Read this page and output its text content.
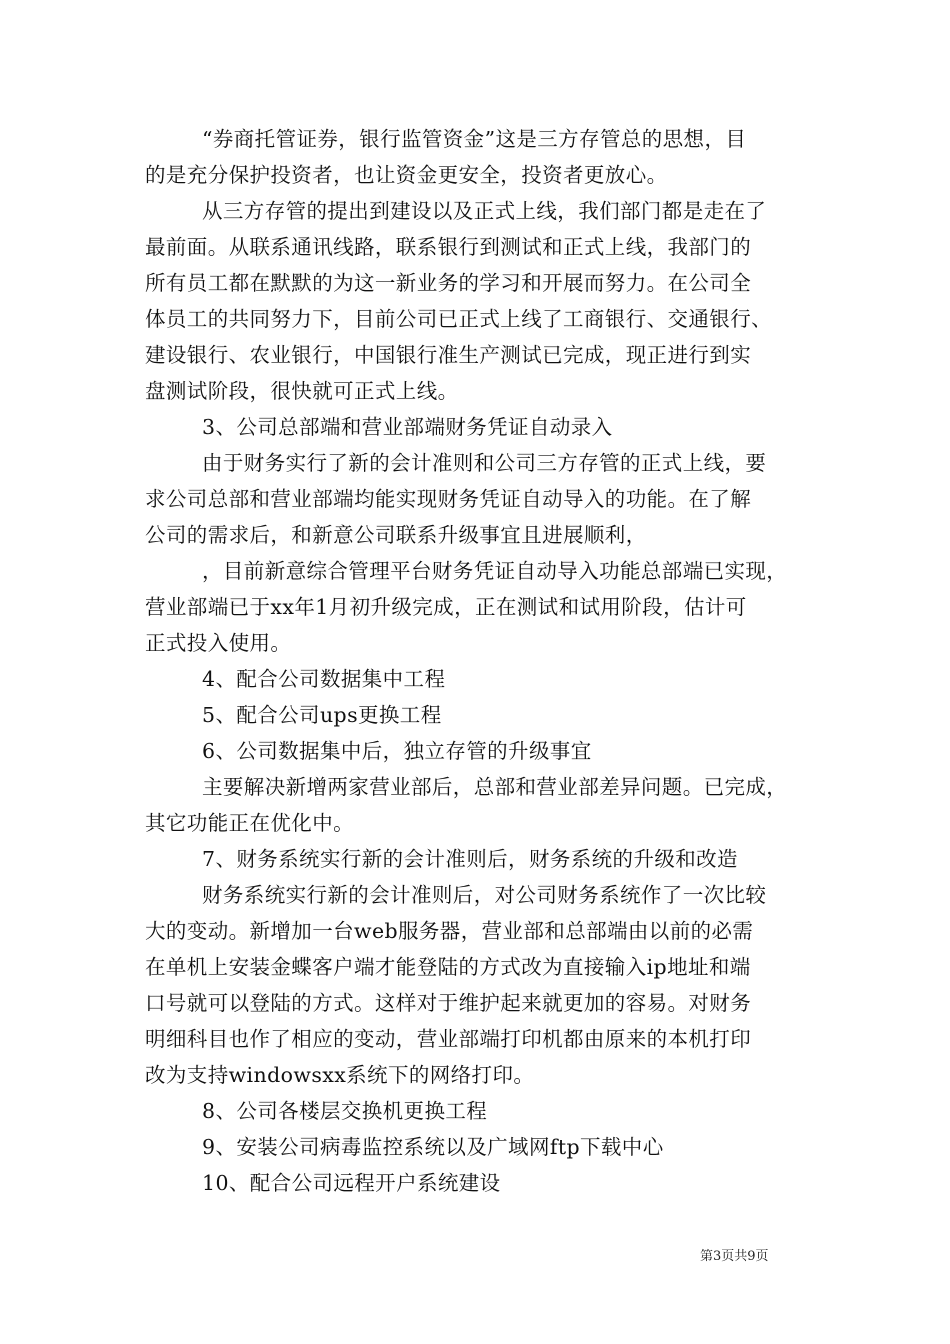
“券商托管证券，银行监管资金”这是三方存管总的思想，目
的是充分保护投资者，也让资金更安全，投资者更放心。
从三方存管的提出到建设以及正式上线，我们部门都是走在了
最前面。从联系通讯线路，联系银行到测试和正式上线，我部门的
所有员工都在默默的为这一新业务的学习和开展而努力。在公司全
体员工的共同努力下，目前公司已正式上线了工商银行、交通银行、
建设银行、农业银行，中国银行准生产测试已完成，现正进行到实
盘测试阶段，很快就可正式上线。
3、公司总部端和营业部端财务凭证自动录入
由于财务实行了新的会计准则和公司三方存管的正式上线，要
求公司总部和营业部端均能实现财务凭证自动导入的功能。在了解
公司的需求后，和新意公司联系升级事宜且进展顺利，
，目前新意综合管理平台财务凭证自动导入功能总部端已实现，
营业部端已于xx年1月初升级完成，正在测试和试用阶段，估计可
正式投入使用。
4、配合公司数据集中工程
5、配合公司ups更换工程
6、公司数据集中后，独立存管的升级事宜
主要解决新增两家营业部后，总部和营业部差异问题。已完成，
其它功能正在优化中。
7、财务系统实行新的会计准则后，财务系统的升级和改造
财务系统实行新的会计准则后，对公司财务系统作了一次比较
大的变动。新增加一台web服务器，营业部和总部端由以前的必需
在单机上安装金蝶客户端才能登陆的方式改为直接输入ip地址和端
口号就可以登陆的方式。这样对于维护起来就更加的容易。对财务
明细科目也作了相应的变动，营业部端打印机都由原来的本机打印
改为支持windowsxx系统下的网络打印。
8、公司各楼层交换机更换工程
9、安装公司病毒监控系统以及广域网ftp下载中心
10、配合公司远程开户系统建设
第3页共9页
